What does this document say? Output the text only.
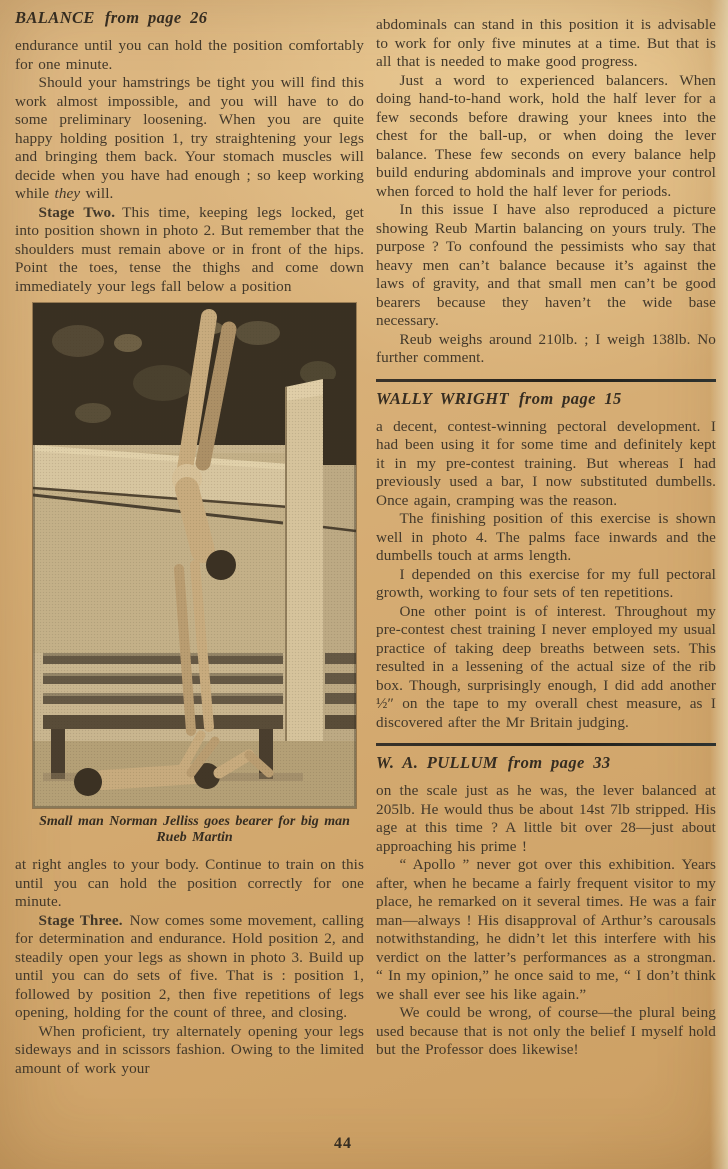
BALANCE from page 26

endurance until you can hold the position comfortably for one minute.

Should your hamstrings be tight you will find this work almost impossible, and you will have to do some preliminary loosening. When you are quite happy holding position 1, try straightening your legs and bringing them back. Your stomach muscles will decide when you have had enough ; so keep working while they will.

Stage Two. This time, keeping legs locked, get into position shown in photo 2. But remember that the shoulders must remain above or in front of the hips. Point the toes, tense the thighs and come down immediately your legs fall below a position

Small man Norman Jelliss goes bearer for big man Rueb Martin

at right angles to your body. Continue to train on this until you can hold the position correctly for one minute.

Stage Three. Now comes some movement, calling for determination and endurance. Hold position 2, and steadily open your legs as shown in photo 3. Build up until you can do sets of five. That is : position 1, followed by position 2, then five repetitions of legs opening, holding for the count of three, and closing.

When proficient, try alternately opening your legs sideways and in scissors fashion. Owing to the limited amount of work your

abdominals can stand in this position it is advisable to work for only five minutes at a time. But that is all that is needed to make good progress.

Just a word to experienced balancers. When doing hand-to-hand work, hold the half lever for a few seconds before drawing your knees into the chest for the ball-up, or when doing the lever balance. These few seconds on every balance help build enduring abdominals and improve your control when forced to hold the half lever for periods.

In this issue I have also reproduced a picture showing Reub Martin balancing on yours truly. The purpose ? To confound the pessimists who say that heavy men can’t balance because it’s against the laws of gravity, and that small men can’t be good bearers because they haven’t the wide base necessary.

Reub weighs around 210lb. ; I weigh 138lb. No further comment.

WALLY WRIGHT from page 15

a decent, contest-winning pectoral development. I had been using it for some time and definitely kept it in my pre-contest training. But whereas I had previously used a bar, I now substituted dumbells. Once again, cramping was the reason.

The finishing position of this exercise is shown well in photo 4. The palms face inwards and the dumbells touch at arms length.

I depended on this exercise for my full pectoral growth, working to four sets of ten repetitions.

One other point is of interest. Throughout my pre-contest chest training I never employed my usual practice of taking deep breaths between sets. This resulted in a lessening of the actual size of the rib box. Though, surprisingly enough, I did add another ½″ on the tape to my overall chest measure, as I discovered after the Mr Britain judging.

W. A. PULLUM from page 33

on the scale just as he was, the lever balanced at 205lb. He would thus be about 14st 7lb stripped. His age at this time ? A little bit over 28—just about approaching his prime !

“ Apollo ” never got over this exhibition. Years after, when he became a fairly frequent visitor to my place, he remarked on it several times. He was a fair man—always ! His disapproval of Arthur’s carousals notwithstanding, he didn’t let this interfere with his verdict on the latter’s performances as a strongman. “ In my opinion,” he once said to me, “ I don’t think we shall ever see his like again.”

We could be wrong, of course—the plural being used because that is not only the belief I myself hold but the Professor does likewise!

44
